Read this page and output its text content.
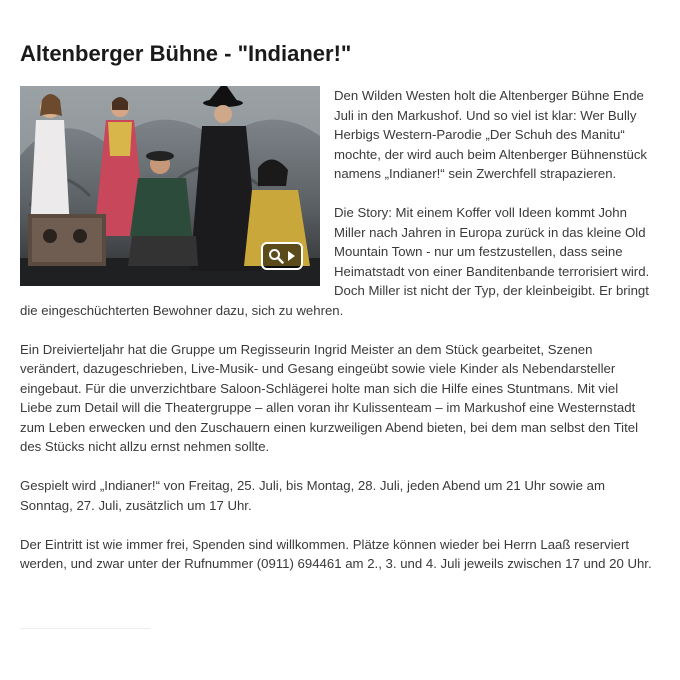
Altenberger Bühne - "Indianer!"

Den Wilden Westen holt die Altenberger Bühne Ende Juli in den Markushof. Und so viel ist klar: Wer Bully Herbigs Western-Parodie „Der Schuh des Manitu“ mochte, der wird auch beim Altenberger Bühnenstück namens „Indianer!“ sein Zwerchfell strapazieren.

Die Story: Mit einem Koffer voll Ideen kommt John Miller nach Jahren in Europa zurück in das kleine Old Mountain Town - nur um festzustellen, dass seine Heimatstadt von einer Banditenbande terrorisiert wird. Doch Miller ist nicht der Typ, der kleinbeigibt. Er bringt die eingeschüchterten Bewohner dazu, sich zu wehren.

Ein Dreivierteljahr hat die Gruppe um Regisseurin Ingrid Meister an dem Stück gearbeitet, Szenen verändert, dazugeschrieben, Live-Musik- und Gesang eingeübt sowie viele Kinder als Nebendarsteller eingebaut. Für die unverzichtbare Saloon-Schlägerei holte man sich die Hilfe eines Stuntmans. Mit viel Liebe zum Detail will die Theatergruppe – allen voran ihr Kulissenteam – im Markushof eine Westernstadt zum Leben erwecken und den Zuschauern einen kurzweiligen Abend bieten, bei dem man selbst den Titel des Stücks nicht allzu ernst nehmen sollte.

Gespielt wird „Indianer!“ von Freitag, 25. Juli, bis Montag, 28. Juli, jeden Abend um 21 Uhr sowie am Sonntag, 27. Juli, zusätzlich um 17 Uhr.

Der Eintritt ist wie immer frei, Spenden sind willkommen. Plätze können wieder bei Herrn Laaß reserviert werden, und zwar unter der Rufnummer (0911) 694461 am 2., 3. und 4. Juli jeweils zwischen 17 und 20 Uhr.
